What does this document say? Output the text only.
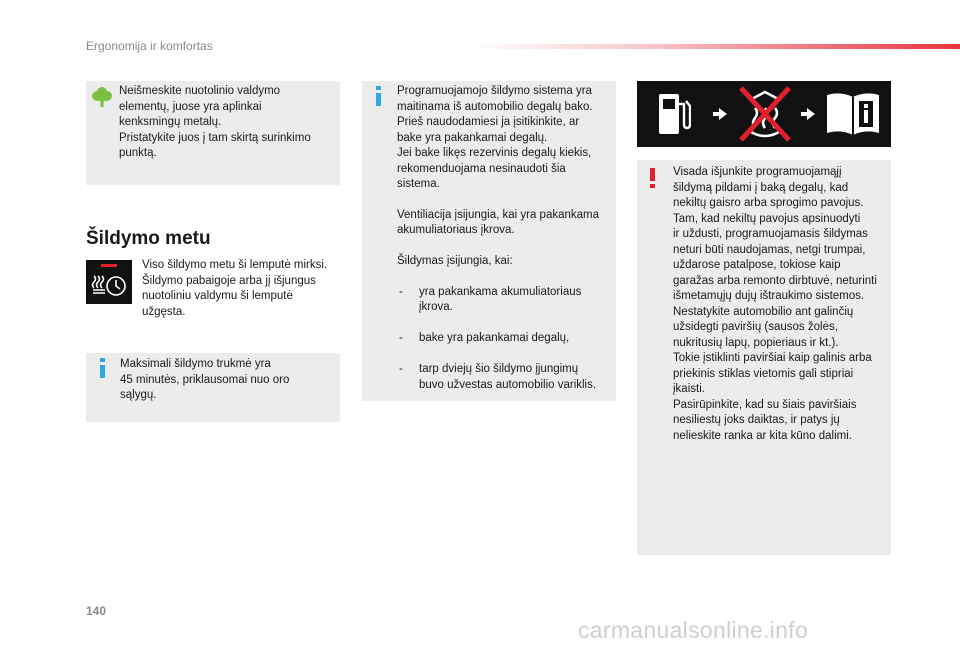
Ergonomija ir komfortas
Neišmeskite nuotolinio valdymo
elementų, juose yra aplinkai
kenksmingų metalų.
Pristatykite juos į tam skirtą surinkimo
punktą.
Šildymo metu
Viso šildymo metu ši lemputė mirksi.
Šildymo pabaigoje arba jį išjungus
nuotoliniu valdymu ši lemputė
užgęsta.
Maksimali šildymo trukmė yra
45 minutės, priklausomai nuo oro
sąlygų.
Programuojamojo šildymo sistema yra
maitinama iš automobilio degalų bako.
Prieš naudodamiesi ja įsitikinkite, ar
bake yra pakankamai degalų.
Jei bake likęs rezervinis degalų kiekis,
rekomenduojama nesinaudoti šia
sistema.
Ventiliacija įsijungia, kai yra pakankama
akumuliatoriaus įkrova.
Šildymas įsijungia, kai:

- yra pakankama akumuliatoriaus
įkrova.

- bake yra pakankamai degalų,

- tarp dviejų šio šildymo įjungimų
buvo užvestas automobilio variklis.

Visada išjunkite programuojamąjį
šildymą pildami į baką degalų, kad
nekiltų gaisro arba sprogimo pavojus.
Tam, kad nekiltų pavojus apsinuodyti
ir uždusti, programuojamasis šildymas
neturi būti naudojamas, netgi trumpai,
uždarose patalpose, tokiose kaip
garažas arba remonto dirbtuvė, neturinti
išmetamųjų dujų ištraukimo sistemos.
Nestatykite automobilio ant galinčių
užsidegti paviršių (sausos žolės,
nukritusių lapų, popieriaus ir kt.).
Tokie įstiklinti paviršiai kaip galinis arba
priekinis stiklas vietomis gali stipriai
įkaisti.
Pasirūpinkite, kad su šiais paviršiais
nesiliestų joks daiktas, ir patys jų
nelieskite ranka ar kita kūno dalimi.
140
carmanualsonline.info
